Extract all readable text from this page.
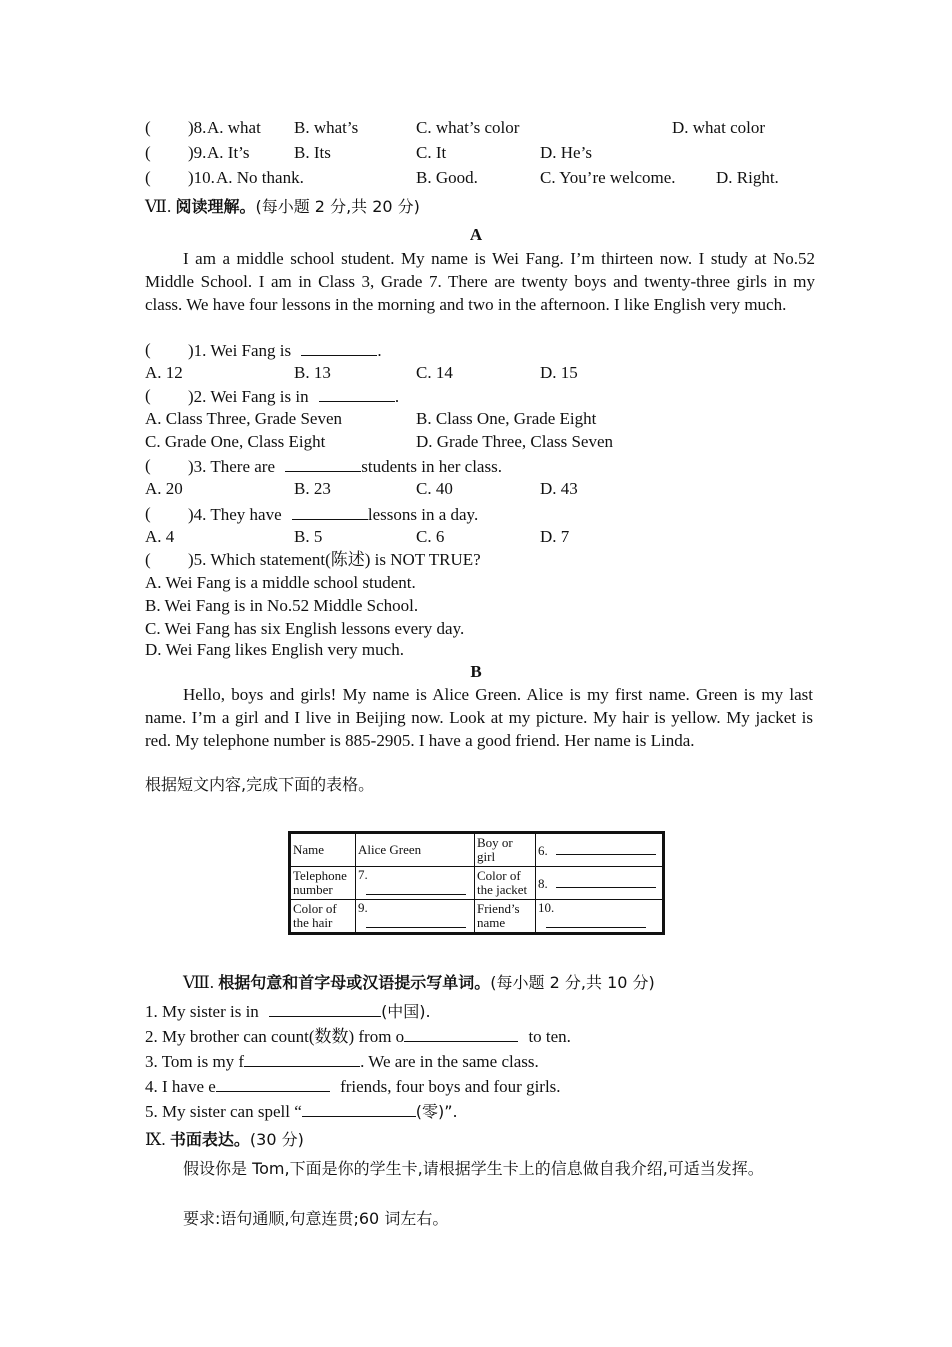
( )8. A. what B. what’s	C. what’s color	D. what color
( )9. A. It’s	B. Its	C. It	D. He’s
( )10. A. No thank.	B. Good.	C. You’re welcome. D. Right.
Ⅶ. 阅读理解。(每小题 2 分,共 20 分)
A
I am a middle school student. My name is Wei Fang. I’m thirteen now. I study at No.52 Middle School. I am in Class 3, Grade 7. There are twenty boys and twenty-three girls in my class. We have four lessons in the morning and two in the afternoon. I like English very much.
( )1. Wei Fang is	.
A. 12	B. 13	C. 14	D. 15
( )2. Wei Fang is in	.
A. Class Three, Grade Seven	B. Class One, Grade Eight
C. Grade One, Class Eight	D. Grade Three, Class Seven
( )3. There are	students in her class.
A. 20	B. 23	C. 40	D. 43
( )4. They have	lessons in a day.
A. 4	B. 5	C. 6	D. 7
( )5. Which statement(陈述) is NOT TRUE?
A. Wei Fang is a middle school student.
B. Wei Fang is in No.52 Middle School.
C. Wei Fang has six English lessons every day.
D. Wei Fang likes English very much.
B
Hello, boys and girls! My name is Alice Green. Alice is my first name. Green is my last name. I’m a girl and I live in Beijing now. Look at my picture. My hair is yellow. My jacket is red. My telephone number is 885-2905. I have a good friend. Her name is Linda.
根据短文内容,完成下面的表格。
Name	Alice Green	Boy or girl	6.
Telephone number	7.	Color of the jacket	8.
Color of the hair	9.	Friend’s name	10.
Ⅷ. 根据句意和首字母或汉语提示写单词。(每小题 2 分,共 10 分)
1. My sister is in	(中国).
2. My brother can count(数数) from o	to ten.
3. Tom is my f	. We are in the same class.
4. I have e	friends, four boys and four girls.
5. My sister can spell “	(零)”.
Ⅸ. 书面表达。(30 分)
假设你是 Tom,下面是你的学生卡,请根据学生卡上的信息做自我介绍,可适当发挥。
要求:语句通顺,句意连贯;60 词左右。
